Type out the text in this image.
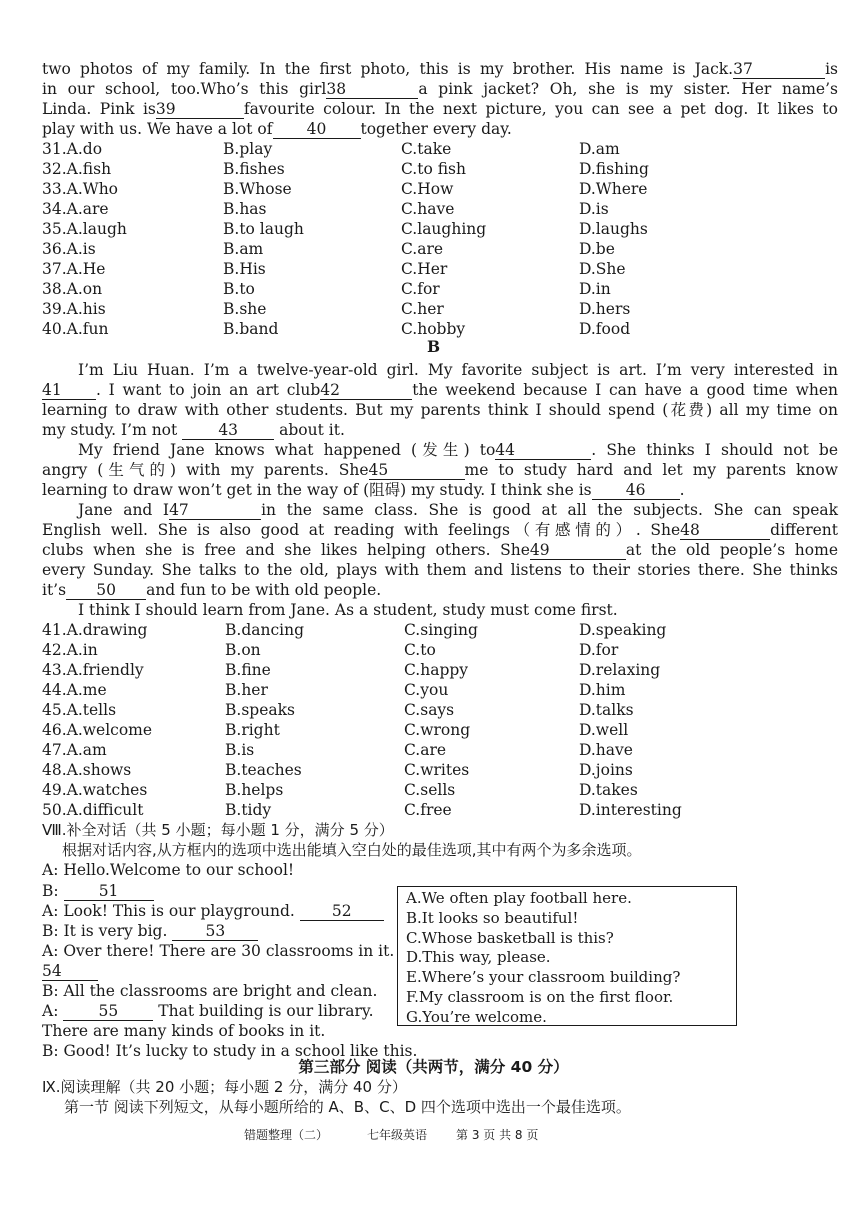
two photos of my family. In the first photo, this is my brother. His name is Jack.37	is
in our school, too.Who’s this girl38	a pink jacket? Oh, she is my sister. Her name’s
Linda. Pink is39	favourite colour. In the next picture, you can see a pet dog. It likes to
play with us. We have a lot of 40 together every day.
31.A.do	B.play	C.take	D.am
32.A.fish	B.fishes	C.to fish	D.fishing
33.A.Who	B.Whose	C.How	D.Where
34.A.are	B.has	C.have	D.is
35.A.laugh	B.to laugh	C.laughing	D.laughs
36.A.is	B.am	C.are	D.be
37.A.He	B.His	C.Her	D.She
38.A.on	B.to	C.for	D.in
39.A.his	B.she	C.her	D.hers
40.A.fun	B.band	C.hobby	D.food
B
I’m Liu Huan. I’m a twelve-year-old girl. My favorite subject is art. I’m very interested in
41 . I want to join an art club42	the weekend because I can have a good time when
learning to draw with other students. But my parents think I should spend (花费) all my time on
my study. I’m not	43	about it.
My friend Jane knows what happened (发生) to44	. She thinks I should not be
angry (生气的) with my parents. She45	me to study hard and let my parents know
learning to draw won’t get in the way of (阻碍) my study. I think she is 46 .
Jane and I47	in the same class. She is good at all the subjects. She can speak
English well. She is also good at reading with feelings（有感情的）. She48	different
clubs when she is free and she likes helping others. She49	at the old people’s home
every Sunday. She talks to the old, plays with them and listens to their stories there. She thinks
it’s 50 and fun to be with old people.
I think I should learn from Jane. As a student, study must come first.
41.A.drawing	B.dancing	C.singing	D.speaking
42.A.in	B.on	C.to	D.for
43.A.friendly	B.fine	C.happy	D.relaxing
44.A.me	B.her	C.you	D.him
45.A.tells	B.speaks	C.says	D.talks
46.A.welcome	B.right	C.wrong	D.well
47.A.am	B.is	C.are	D.have
48.A.shows	B.teaches	C.writes	D.joins
49.A.watches	B.helps	C.sells	D.takes
50.A.difficult	B.tidy	C.free	D.interesting
Ⅷ.补全对话（共 5 小题；每小题 1 分，满分 5 分）
根据对话内容,从方框内的选项中选出能填入空白处的最佳选项,其中有两个为多余选项。
A: Hello.Welcome to our school!
B:	51
A: Look! This is our playground. 52
B: It is very big. 53
A: Over there! There are 30 classrooms in it.
54
B: All the classrooms are bright and clean.
A:	55	That building is our library.
There are many kinds of books in it.
B: Good! It’s lucky to study in a school like this.
A.We often play football here.
B.It looks so beautiful!
C.Whose basketball is this?
D.This way, please.
E.Where’s your classroom building?
F.My classroom is on the first floor.
G.You’re welcome.
第三部分 阅读（共两节，满分 40 分）
Ⅸ.阅读理解（共 20 小题；每小题 2 分，满分 40 分）
第一节 阅读下列短文，从每小题所给的 A、B、C、D 四个选项中选出一个最佳选项。
错题整理（二）	七年级英语 第 3 页 共 8 页
